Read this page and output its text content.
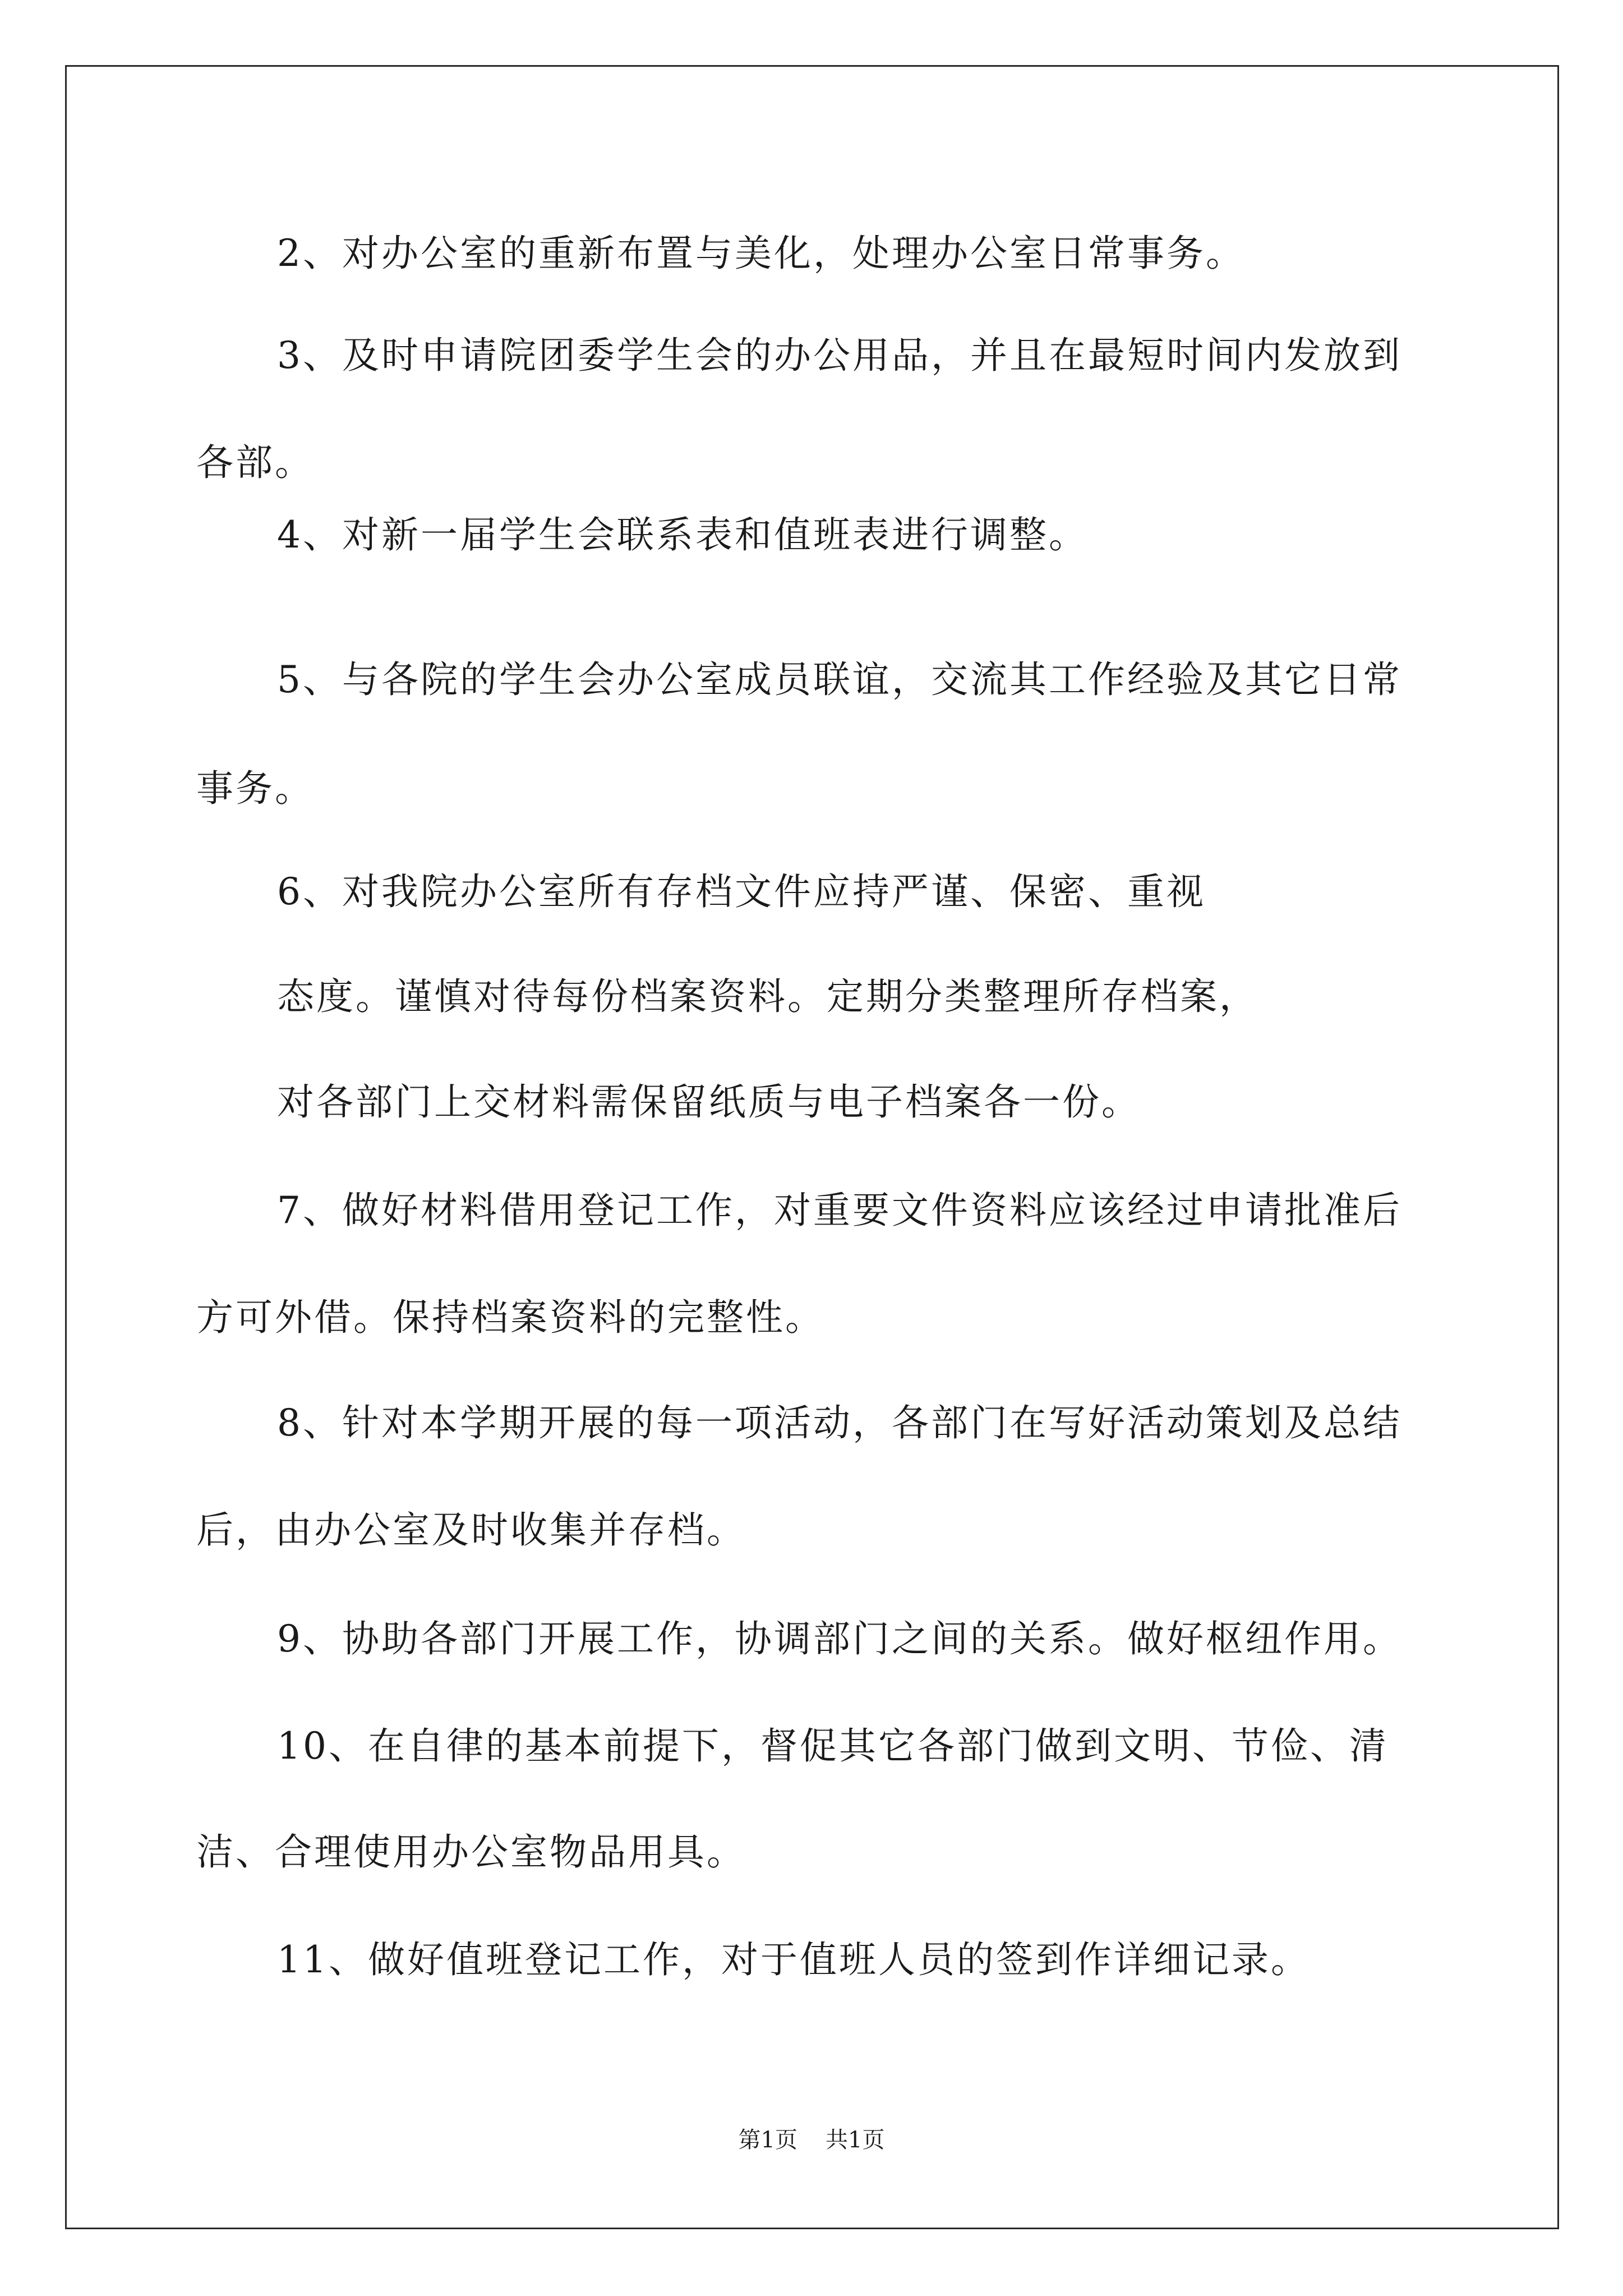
2、对办公室的重新布置与美化，处理办公室日常事务。
3、及时申请院团委学生会的办公用品，并且在最短时间内发放到
各部。
4、对新一届学生会联系表和值班表进行调整。
5、与各院的学生会办公室成员联谊，交流其工作经验及其它日常
事务。
6、对我院办公室所有存档文件应持严谨、保密、重视
态度。谨慎对待每份档案资料。定期分类整理所存档案，
对各部门上交材料需保留纸质与电子档案各一份。
7、做好材料借用登记工作，对重要文件资料应该经过申请批准后
方可外借。保持档案资料的完整性。
8、针对本学期开展的每一项活动，各部门在写好活动策划及总结
后，由办公室及时收集并存档。
9、协助各部门开展工作，协调部门之间的关系。做好枢纽作用。
10、在自律的基本前提下，督促其它各部门做到文明、节俭、清
洁、合理使用办公室物品用具。
11、做好值班登记工作，对于值班人员的签到作详细记录。
第1页 共1页
